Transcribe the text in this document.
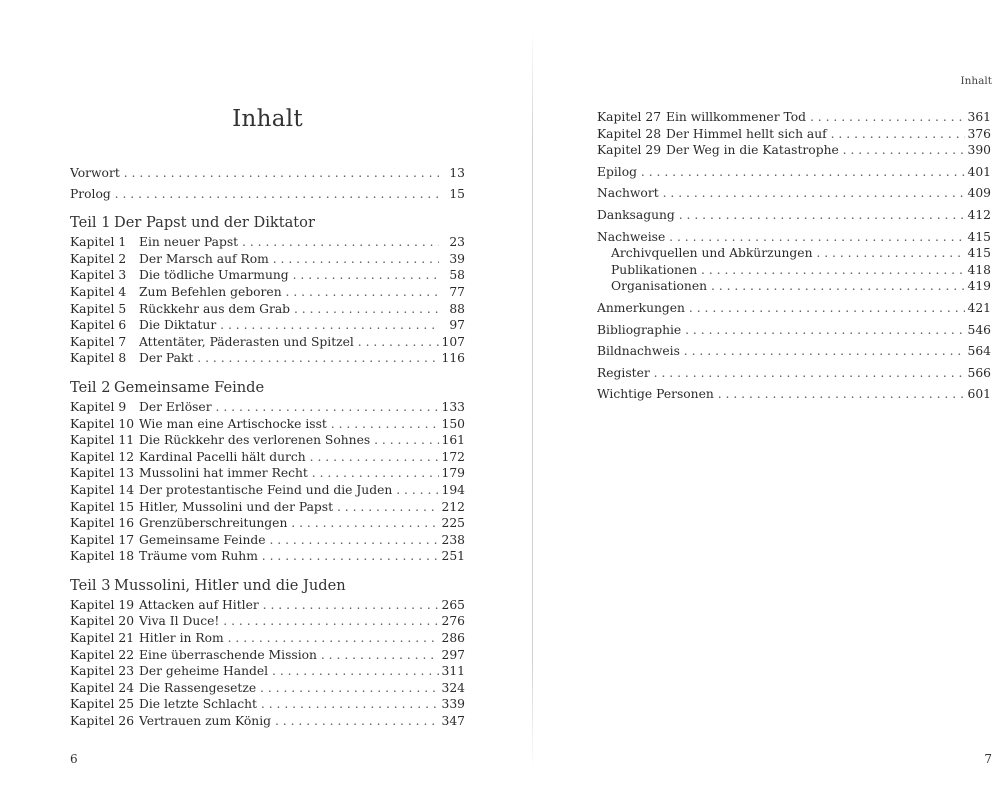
Inhalt
Vorwort . . .	13
Prolog . . .	15
Teil 1 Der Papst und der Diktator
Kapitel 1 Ein neuer Papst . . .	23
Kapitel 2 Der Marsch auf Rom . . .	39
Kapitel 3 Die tödliche Umarmung . . .	58
Kapitel 4 Zum Befehlen geboren . . .	77
Kapitel 5 Rückkehr aus dem Grab . . .	88
Kapitel 6 Die Diktatur . . .	97
Kapitel 7 Attentäter, Päderasten und Spitzel . . .	107
Kapitel 8 Der Pakt . . .	116
Teil 2 Gemeinsame Feinde
Kapitel 9 Der Erlöser . . .	133
Kapitel 10 Wie man eine Artischocke isst . . .	150
Kapitel 11 Die Rückkehr des verlorenen Sohnes . . .	161
Kapitel 12 Kardinal Pacelli hält durch . . .	172
Kapitel 13 Mussolini hat immer Recht . . .	179
Kapitel 14 Der protestantische Feind und die Juden . . .	194
Kapitel 15 Hitler, Mussolini und der Papst . . .	212
Kapitel 16 Grenzüberschreitungen . . .	225
Kapitel 17 Gemeinsame Feinde . . .	238
Kapitel 18 Träume vom Ruhm . . .	251
Teil 3 Mussolini, Hitler und die Juden
Kapitel 19 Attacken auf Hitler . . .	265
Kapitel 20 Viva Il Duce! . . .	276
Kapitel 21 Hitler in Rom . . .	286
Kapitel 22 Eine überraschende Mission . . .	297
Kapitel 23 Der geheime Handel . . .	311
Kapitel 24 Die Rassengesetze . . .	324
Kapitel 25 Die letzte Schlacht . . .	339
Kapitel 26 Vertrauen zum König . . .	347
6
Inhalt
Kapitel 27 Ein willkommener Tod . . .	361
Kapitel 28 Der Himmel hellt sich auf . . .	376
Kapitel 29 Der Weg in die Katastrophe . . .	390
Epilog . . .	401
Nachwort . . .	409
Danksagung . . .	412
Nachweise . . .	415
Archivquellen und Abkürzungen . . .	415
Publikationen . . .	418
Organisationen . . .	419
Anmerkungen . . .	421
Bibliographie . . .	546
Bildnachweis . . .	564
Register . . .	566
Wichtige Personen . . .	601
7
